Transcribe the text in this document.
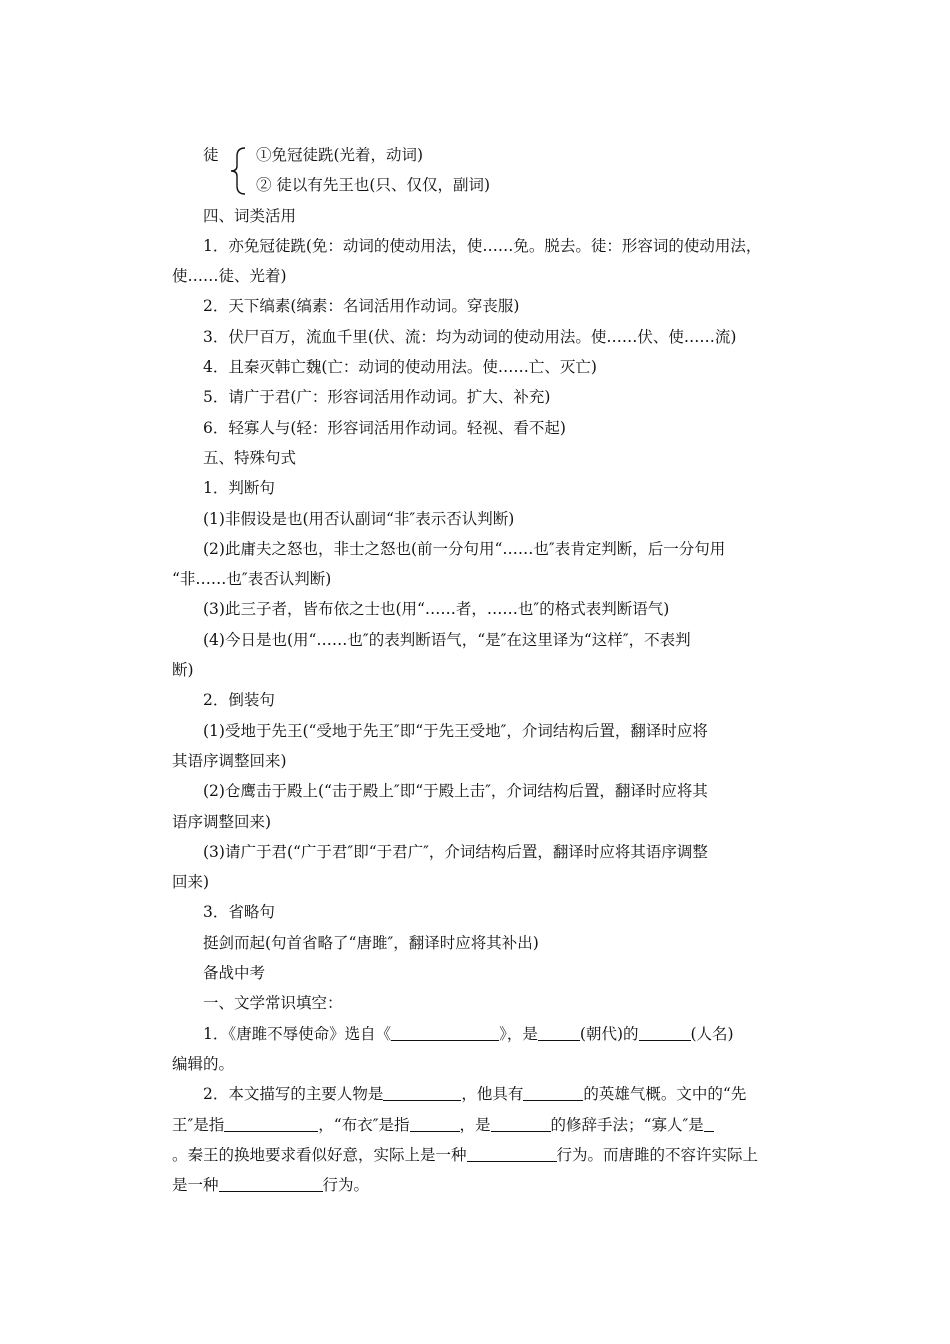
徒 ①免冠徒跣(光着，动词)
② 徒以有先王也(只、仅仅，副词)
四、词类活用
1．亦免冠徒跣(免：动词的使动用法，使……免。脱去。徒：形容词的使动用法，
使……徒、光着)
2．天下缟素(缟素：名词活用作动词。穿丧服)
3．伏尸百万，流血千里(伏、流：均为动词的使动用法。使……伏、使……流)
4．且秦灭韩亡魏(亡：动词的使动用法。使……亡、灭亡)
5．请广于君(广：形容词活用作动词。扩大、补充)
6．轻寡人与(轻：形容词活用作动词。轻视、看不起)
五、特殊句式
1．判断句
(1)非假设是也(用否认副词“非″表示否认判断)
(2)此庸夫之怒也，非士之怒也(前一分句用“……也″表肯定判断，后一分句用
“非……也″表否认判断)
(3)此三子者，皆布依之士也(用“……者，……也″的格式表判断语气)
(4)今日是也(用“……也″的表判断语气，“是″在这里译为“这样″，不表判
断)
2．倒装句
(1)受地于先王(“受地于先王″即“于先王受地″，介词结构后置，翻译时应将
其语序调整回来)
(2)仓鹰击于殿上(“击于殿上″即“于殿上击″，介词结构后置，翻译时应将其
语序调整回来)
(3)请广于君(“广于君″即“于君广″，介词结构后置，翻译时应将其语序调整
回来)
3．省略句
挺剑而起(句首省略了“唐雎″，翻译时应将其补出)
备战中考
一、文学常识填空：
1．《唐雎不辱使命》选自《	》，是	(朝代)的	(人名)
编辑的。
2．本文描写的主要人物是	，他具有	的英雄气概。文中的“先
王″是指	，“布衣″是指	，是	的修辞手法；“寡人″是
。秦王的换地要求看似好意，实际上是一种	行为。而唐雎的不容许实际上
是一种	行为。
